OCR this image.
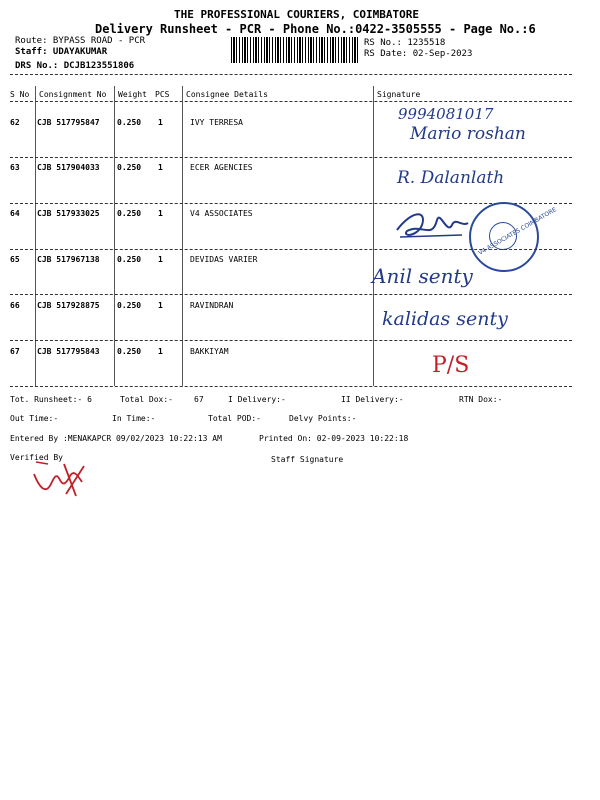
THE PROFESSIONAL COURIERS, COIMBATORE
Delivery Runsheet - PCR - Phone No.:0422-3505555 - Page No.:6
Route: BYPASS ROAD - PCR
Staff: UDAYAKUMAR
DRS No.: DCJB123551806
RS No.: 1235518
RS Date: 02-Sep-2023
S No Consignment No Weight PCS Consignee Details	Signature
62 CJB 517795847 0.250 1	IVY TERRESA	9994081017
Mario roshan
63 CJB 517904033 0.250 1	ECER AGENCIES
R. Dalanlath
64 CJB 517933025 0.250 1	V4 ASSOCIATES	V4 ASSOCIATES COIMBATORE
65 CJB 517967138 0.250 1	DEVIDAS VARIER
Anil senty
66 CJB 517928875 0.250 1	RAVINDRAN
kalidas senty
67 CJB 517795843 0.250 1	BAKKIYAM
P/S
Tot. Runsheet:- 6	Total Dox:-	67	I Delivery:-	II Delivery:-	RTN Dox:-
Out Time:-	In Time:-	Total POD:-	Delvy Points:-
Entered By :MENAKAPCR 09/02/2023 10:22:13 AM	Printed On: 02-09-2023 10:22:18
Verified By	Staff Signature
